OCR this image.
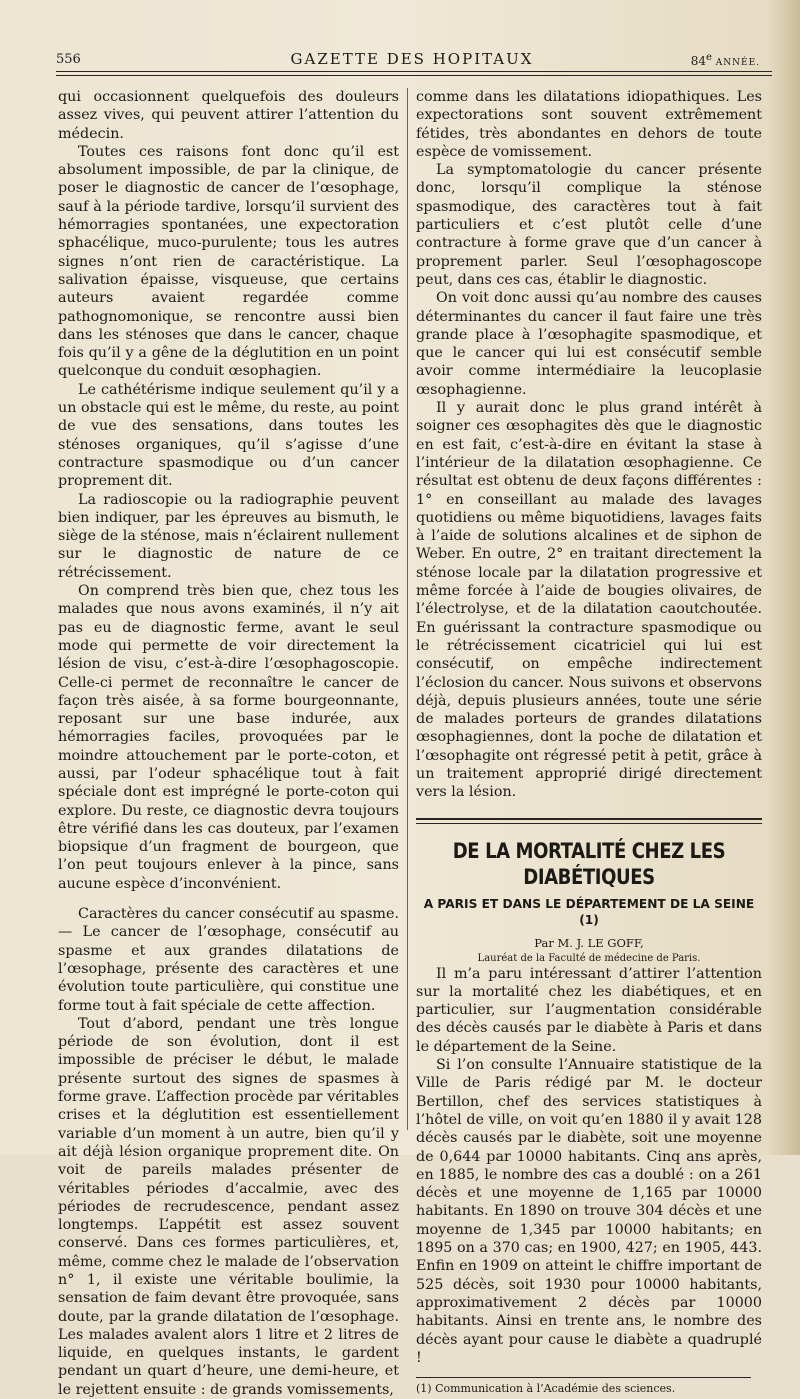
556	GAZETTE DES HOPITAUX	84e ANNÉE.

qui occasionnent quelquefois des douleurs assez vives, qui peuvent attirer l’attention du médecin.

Toutes ces raisons font donc qu’il est absolument impossible, de par la clinique, de poser le diagnostic de cancer de l’œsophage, sauf à la période tardive, lorsqu’il survient des hémorragies spontanées, une expectoration sphacélique, muco-purulente; tous les autres signes n’ont rien de caractéristique. La salivation épaisse, visqueuse, que certains auteurs avaient regardée comme pathognomonique, se rencontre aussi bien dans les sténoses que dans le cancer, chaque fois qu’il y a gêne de la déglutition en un point quelconque du conduit œsophagien.

Le cathétérisme indique seulement qu’il y a un obstacle qui est le même, du reste, au point de vue des sensations, dans toutes les sténoses organiques, qu’il s’agisse d’une contracture spasmodique ou d’un cancer proprement dit.

La radioscopie ou la radiographie peuvent bien indiquer, par les épreuves au bismuth, le siège de la sténose, mais n’éclairent nullement sur le diagnostic de nature de ce rétrécissement.

On comprend très bien que, chez tous les malades que nous avons examinés, il n’y ait pas eu de diagnostic ferme, avant le seul mode qui permette de voir directement la lésion de visu, c’est-à-dire l’œsophagoscopie. Celle-ci permet de reconnaître le cancer de façon très aisée, à sa forme bourgeonnante, reposant sur une base indurée, aux hémorragies faciles, provoquées par le moindre attouchement par le porte-coton, et aussi, par l’odeur sphacélique tout à fait spéciale dont est imprégné le porte-coton qui explore. Du reste, ce diagnostic devra toujours être vérifié dans les cas douteux, par l’examen biopsique d’un fragment de bourgeon, que l’on peut toujours enlever à la pince, sans aucune espèce d’inconvénient.

Caractères du cancer consécutif au spasme. — Le cancer de l’œsophage, consécutif au spasme et aux grandes dilatations de l’œsophage, présente des caractères et une évolution toute particulière, qui constitue une forme tout à fait spéciale de cette affection.

Tout d’abord, pendant une très longue période de son évolution, dont il est impossible de préciser le début, le malade présente surtout des signes de spasmes à forme grave. L’affection procède par véritables crises et la déglutition est essentiellement variable d’un moment à un autre, bien qu’il y ait déjà lésion organique proprement dite. On voit de pareils malades présenter de véritables périodes d’accalmie, avec des périodes de recrudescence, pendant assez longtemps. L’appétit est assez souvent conservé. Dans ces formes particulières, et, même, comme chez le malade de l’observation n° 1, il existe une véritable boulimie, la sensation de faim devant être provoquée, sans doute, par la grande dilatation de l’œsophage. Les malades avalent alors 1 litre et 2 litres de liquide, en quelques instants, le gardent pendant un quart d’heure, une demi-heure, et le rejettent ensuite : de grands vomissements,

comme dans les dilatations idiopathiques. Les expectorations sont souvent extrêmement fétides, très abondantes en dehors de toute espèce de vomissement.

La symptomatologie du cancer présente donc, lorsqu’il complique la sténose spasmodique, des caractères tout à fait particuliers et c’est plutôt celle d’une contracture à forme grave que d’un cancer à proprement parler. Seul l’œsophagoscope peut, dans ces cas, établir le diagnostic.

On voit donc aussi qu’au nombre des causes déterminantes du cancer il faut faire une très grande place à l’œsophagite spasmodique, et que le cancer qui lui est consécutif semble avoir comme intermédiaire la leucoplasie œsophagienne.

Il y aurait donc le plus grand intérêt à soigner ces œsophagites dès que le diagnostic en est fait, c’est-à-dire en évitant la stase à l’intérieur de la dilatation œsophagienne. Ce résultat est obtenu de deux façons différentes : 1° en conseillant au malade des lavages quotidiens ou même biquotidiens, lavages faits à l’aide de solutions alcalines et de siphon de Weber. En outre, 2° en traitant directement la sténose locale par la dilatation progressive et même forcée à l’aide de bougies olivaires, de l’électrolyse, et de la dilatation caoutchoutée. En guérissant la contracture spasmodique ou le rétrécissement cicatriciel qui lui est consécutif, on empêche indirectement l’éclosion du cancer. Nous suivons et observons déjà, depuis plusieurs années, toute une série de malades porteurs de grandes dilatations œsophagiennes, dont la poche de dilatation et l’œsophagite ont régressé petit à petit, grâce à un traitement approprié dirigé directement vers la lésion.

DE LA MORTALITÉ CHEZ LES DIABÉTIQUES
A PARIS ET DANS LE DÉPARTEMENT DE LA SEINE (1)
Par M. J. LE GOFF,
Lauréat de la Faculté de médecine de Paris.

Il m’a paru intéressant d’attirer l’attention sur la mortalité chez les diabétiques, et en particulier, sur l’augmentation considérable des décès causés par le diabète à Paris et dans le département de la Seine.

Si l’on consulte l’Annuaire statistique de la Ville de Paris rédigé par M. le docteur Bertillon, chef des services statistiques à l’hôtel de ville, on voit qu’en 1880 il y avait 128 décès causés par le diabète, soit une moyenne de 0,644 par 10000 habitants. Cinq ans après, en 1885, le nombre des cas a doublé : on a 261 décès et une moyenne de 1,165 par 10000 habitants. En 1890 on trouve 304 décès et une moyenne de 1,345 par 10000 habitants; en 1895 on a 370 cas; en 1900, 427; en 1905, 443. Enfin en 1909 on atteint le chiffre important de 525 décès, soit 1930 pour 10000 habitants, approximativement 2 décès par 10000 habitants. Ainsi en trente ans, le nombre des décès ayant pour cause le diabète a quadruplé !

(1) Communication à l’Académie des sciences.
